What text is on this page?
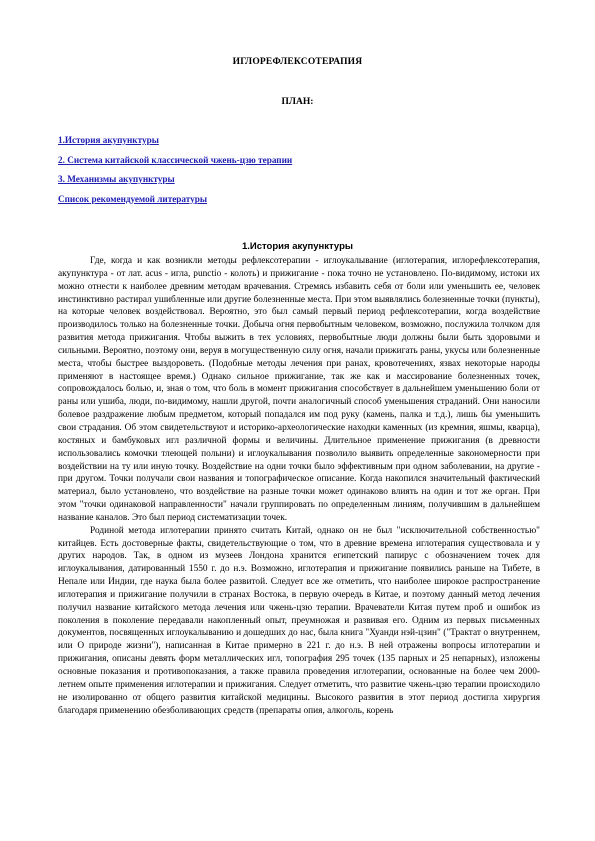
ИГЛОРЕФЛЕКСОТЕРАПИЯ
ПЛАН:
1.История акупунктуры
2. Система китайской классической чжень-цзю терапии
3. Механизмы акупунктуры
Список рекомендуемой литературы
1.История акупунктуры

Где, когда и как возникли методы рефлексотерапии - иглоукалывание (иглотерапия, иглорефлексотерапия, акупунктура - от лат. acus - игла, punctio - колоть) и прижигание - пока точно не установлено. По-видимому, истоки их можно отнести к наиболее древним методам врачевания. Стремясь избавить себя от боли или уменьшить ее, человек инстинктивно растирал ушибленные или другие болезненные места. При этом выявлялись болезненные точки (пункты), на которые человек воздействовал. Вероятно, это был самый первый период рефлексотерапии, когда воздействие производилось только на болезненные точки. Добыча огня первобытным человеком, возможно, послужила толчком для развития метода прижигания. Чтобы выжить в тех условиях, первобытные люди должны были быть здоровыми и сильными. Вероятно, поэтому они, веруя в могущественную силу огня, начали прижигать раны, укусы или болезненные места, чтобы быстрее выздороветь. (Подобные методы лечения при ранах, кровотечениях, язвах некоторые народы применяют в настоящее время.) Однако сильное прижигание, так же как и массирование болезненных точек, сопровождалось болью, и, зная о том, что боль в момент прижигания способствует в дальнейшем уменьшению боли от раны или ушиба, люди, по-видимому, нашли другой, почти аналогичный способ уменьшения страданий. Они наносили болевое раздражение любым предметом, который попадался им под руку (камень, палка и т.д.), лишь бы уменьшить свои страдания. Об этом свидетельствуют и историко-археологические находки каменных (из кремния, яшмы, кварца), костяных и бамбуковых игл различной формы и величины. Длительное применение прижигания (в древности использовались комочки тлеющей полыни) и иглоукалывания позволило выявить определенные закономерности при воздействии на ту или иную точку. Воздействие на одни точки было эффективным при одном заболевании, на другие - при другом. Точки получали свои названия и топографическое описание. Когда накопился значительный фактический материал, было установлено, что воздействие на разные точки может одинаково влиять на один и тот же орган. При этом "точки одинаковой направленности" начали группировать по определенным линиям, получившим в дальнейшем название каналов. Это был период систематизации точек.

Родиной метода иглотерапии принято считать Китай, однако он не был "исключительной собственностью" китайцев. Есть достоверные факты, свидетельствующие о том, что в древние времена иглотерапия существовала и у других народов. Так, в одном из музеев Лондона хранится египетский папирус с обозначением точек для иглоукалывания, датированный 1550 г. до н.э. Возможно, иглотерапия и прижигание появились раньше на Тибете, в Непале или Индии, где наука была более развитой. Следует все же отметить, что наиболее широкое распространение иглотерапия и прижигание получили в странах Востока, в первую очередь в Китае, и поэтому данный метод лечения получил название китайского метода лечения или чжень-цзю терапии. Врачеватели Китая путем проб и ошибок из поколения в поколение передавали накопленный опыт, преумножая и развивая его. Одним из первых письменных документов, посвященных иглоукалыванию и дошедших до нас, была книга "Хуанди нэй-цзин" ("Трактат о внутреннем, или О природе жизни"), написанная в Китае примерно в 221 г. до н.э. В ней отражены вопросы иглотерапии и прижигания, описаны девять форм металлических игл, топография 295 точек (135 парных и 25 непарных), изложены основные показания и противопоказания, а также правила проведения иглотерапии, основанные на более чем 2000-летнем опыте применения иглотерапии и прижигания. Следует отметить, что развитие чжень-цзю терапии происходило не изолированно от общего развития китайской медицины. Высокого развития в этот период достигла хирургия благодаря применению обезболивающих средств (препараты опия, алкоголь, корень
